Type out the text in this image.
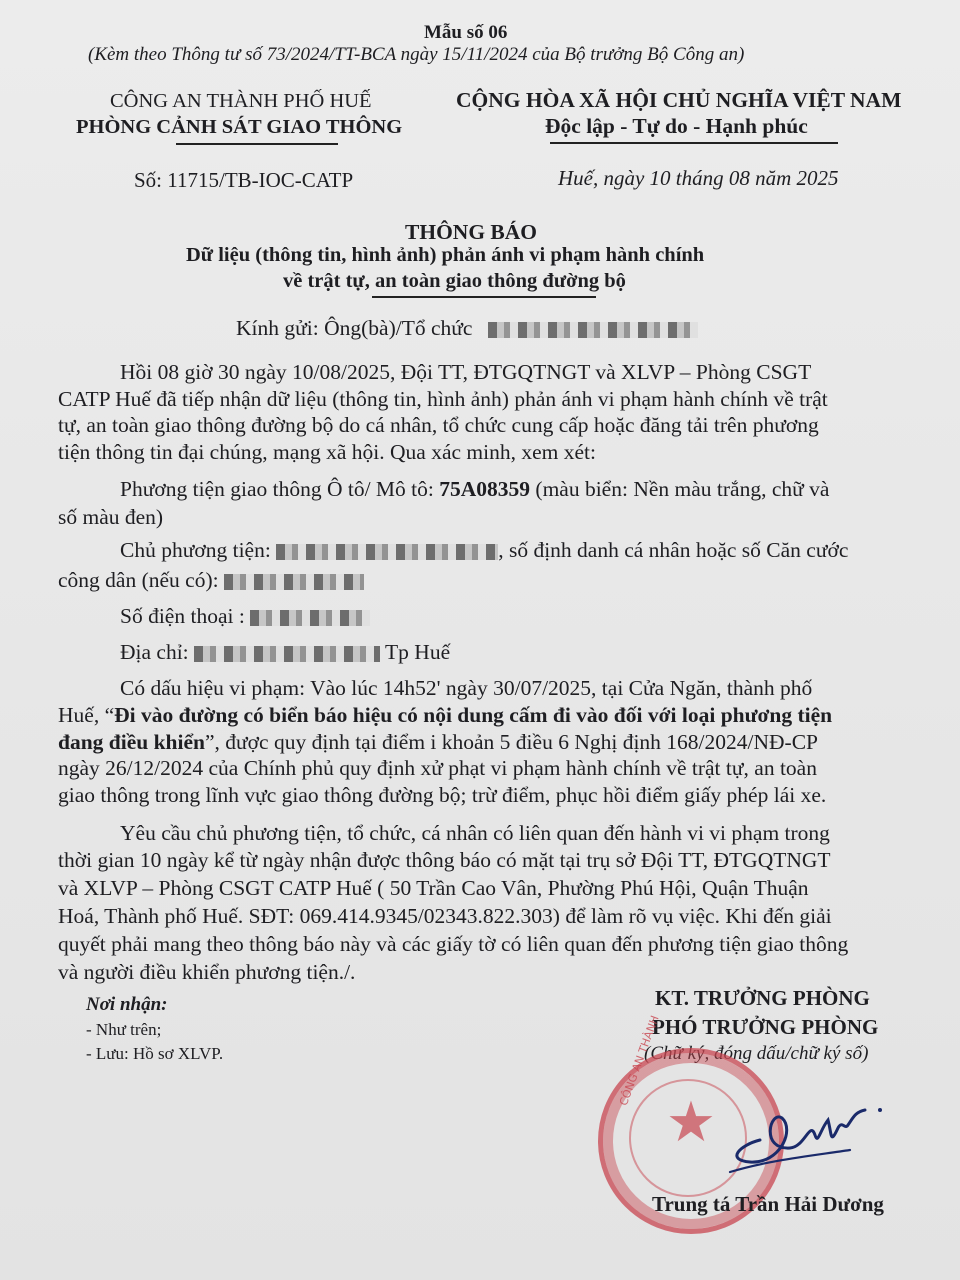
Mẫu số 06
(Kèm theo Thông tư số 73/2024/TT-BCA ngày 15/11/2024 của Bộ trưởng Bộ Công an)
CÔNG AN THÀNH PHỐ HUẾ
PHÒNG CẢNH SÁT GIAO THÔNG
CỘNG HÒA XÃ HỘI CHỦ NGHĨA VIỆT NAM
Độc lập - Tự do - Hạnh phúc
Số: 11715/TB-IOC-CATP	Huế, ngày 10 tháng 08 năm 2025
THÔNG BÁO
Dữ liệu (thông tin, hình ảnh) phản ánh vi phạm hành chính
về trật tự, an toàn giao thông đường bộ
Kính gửi: Ông(bà)/Tổ chức
Hồi 08 giờ 30 ngày 10/08/2025, Đội TT, ĐTGQTNGT và XLVP – Phòng CSGT
CATP Huế đã tiếp nhận dữ liệu (thông tin, hình ảnh) phản ánh vi phạm hành chính về trật
tự, an toàn giao thông đường bộ do cá nhân, tổ chức cung cấp hoặc đăng tải trên phương
tiện thông tin đại chúng, mạng xã hội. Qua xác minh, xem xét:
Phương tiện giao thông Ô tô/ Mô tô: 75A08359 (màu biển: Nền màu trắng, chữ và
số màu đen)
Chủ phương tiện:	, số định danh cá nhân hoặc số Căn cước
công dân (nếu có):
Số điện thoại :
Địa chỉ:	Tp Huế
Có dấu hiệu vi phạm: Vào lúc 14h52' ngày 30/07/2025, tại Cửa Ngăn, thành phố
Huế, “Đi vào đường có biển báo hiệu có nội dung cấm đi vào đối với loại phương tiện
đang điều khiển”, được quy định tại điểm i khoản 5 điều 6 Nghị định 168/2024/NĐ-CP
ngày 26/12/2024 của Chính phủ quy định xử phạt vi phạm hành chính về trật tự, an toàn
giao thông trong lĩnh vực giao thông đường bộ; trừ điểm, phục hồi điểm giấy phép lái xe.
Yêu cầu chủ phương tiện, tổ chức, cá nhân có liên quan đến hành vi vi phạm trong
thời gian 10 ngày kể từ ngày nhận được thông báo có mặt tại trụ sở Đội TT, ĐTGQTNGT
và XLVP – Phòng CSGT CATP Huế ( 50 Trần Cao Vân, Phường Phú Hội, Quận Thuận
Hoá, Thành phố Huế. SĐT: 069.414.9345/02343.822.303) để làm rõ vụ việc. Khi đến giải
quyết phải mang theo thông báo này và các giấy tờ có liên quan đến phương tiện giao thông
và người điều khiển phương tiện./.
Nơi nhận:
- Như trên;
- Lưu: Hồ sơ XLVP.
KT. TRƯỞNG PHÒNG
PHÓ TRƯỞNG PHÒNG
(Chữ ký, đóng dấu/chữ ký số)
★
CÔNG AN THÀNH
Trung tá Trần Hải Dương
